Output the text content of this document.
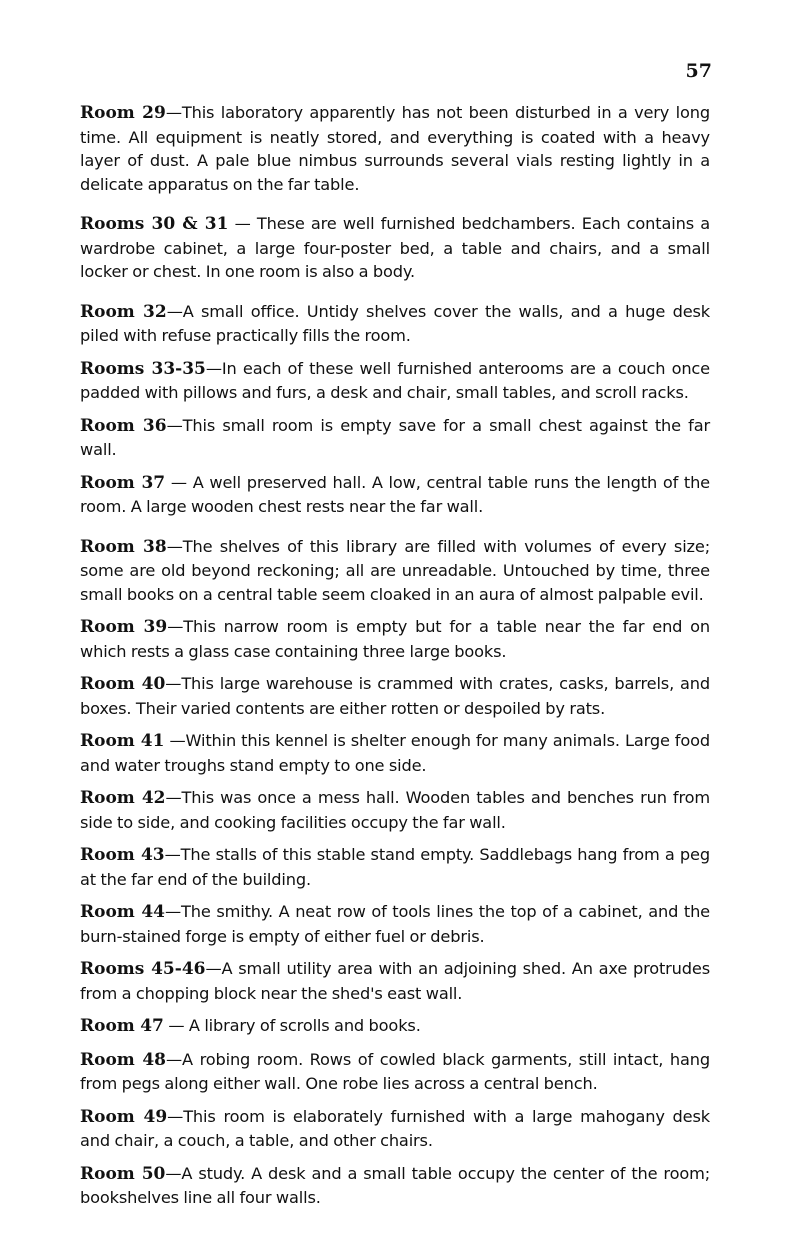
57

Room 29—This laboratory apparently has not been disturbed in a very long time. All equipment is neatly stored, and everything is coated with a heavy layer of dust. A pale blue nimbus surrounds several vials resting lightly in a delicate apparatus on the far table.

Rooms 30 & 31 — These are well furnished bedchambers. Each contains a wardrobe cabinet, a large four-poster bed, a table and chairs, and a small locker or chest. In one room is also a body.

Room 32—A small office. Untidy shelves cover the walls, and a huge desk piled with refuse practically fills the room.

Rooms 33-35—In each of these well furnished anterooms are a couch once padded with pillows and furs, a desk and chair, small tables, and scroll racks.

Room 36—This small room is empty save for a small chest against the far wall.

Room 37 — A well preserved hall. A low, central table runs the length of the room. A large wooden chest rests near the far wall.

Room 38—The shelves of this library are filled with volumes of every size; some are old beyond reckoning; all are unreadable. Untouched by time, three small books on a central table seem cloaked in an aura of almost palpable evil.

Room 39—This narrow room is empty but for a table near the far end on which rests a glass case containing three large books.

Room 40—This large warehouse is crammed with crates, casks, barrels, and boxes. Their varied contents are either rotten or despoiled by rats.

Room 41 —Within this kennel is shelter enough for many animals. Large food and water troughs stand empty to one side.

Room 42—This was once a mess hall. Wooden tables and benches run from side to side, and cooking facilities occupy the far wall.

Room 43—The stalls of this stable stand empty. Saddlebags hang from a peg at the far end of the building.

Room 44—The smithy. A neat row of tools lines the top of a cabinet, and the burn-stained forge is empty of either fuel or debris.

Rooms 45-46—A small utility area with an adjoining shed. An axe protrudes from a chopping block near the shed's east wall.

Room 47 — A library of scrolls and books.

Room 48—A robing room. Rows of cowled black garments, still intact, hang from pegs along either wall. One robe lies across a central bench.

Room 49—This room is elaborately furnished with a large mahogany desk and chair, a couch, a table, and other chairs.

Room 50—A study. A desk and a small table occupy the center of the room; bookshelves line all four walls.
